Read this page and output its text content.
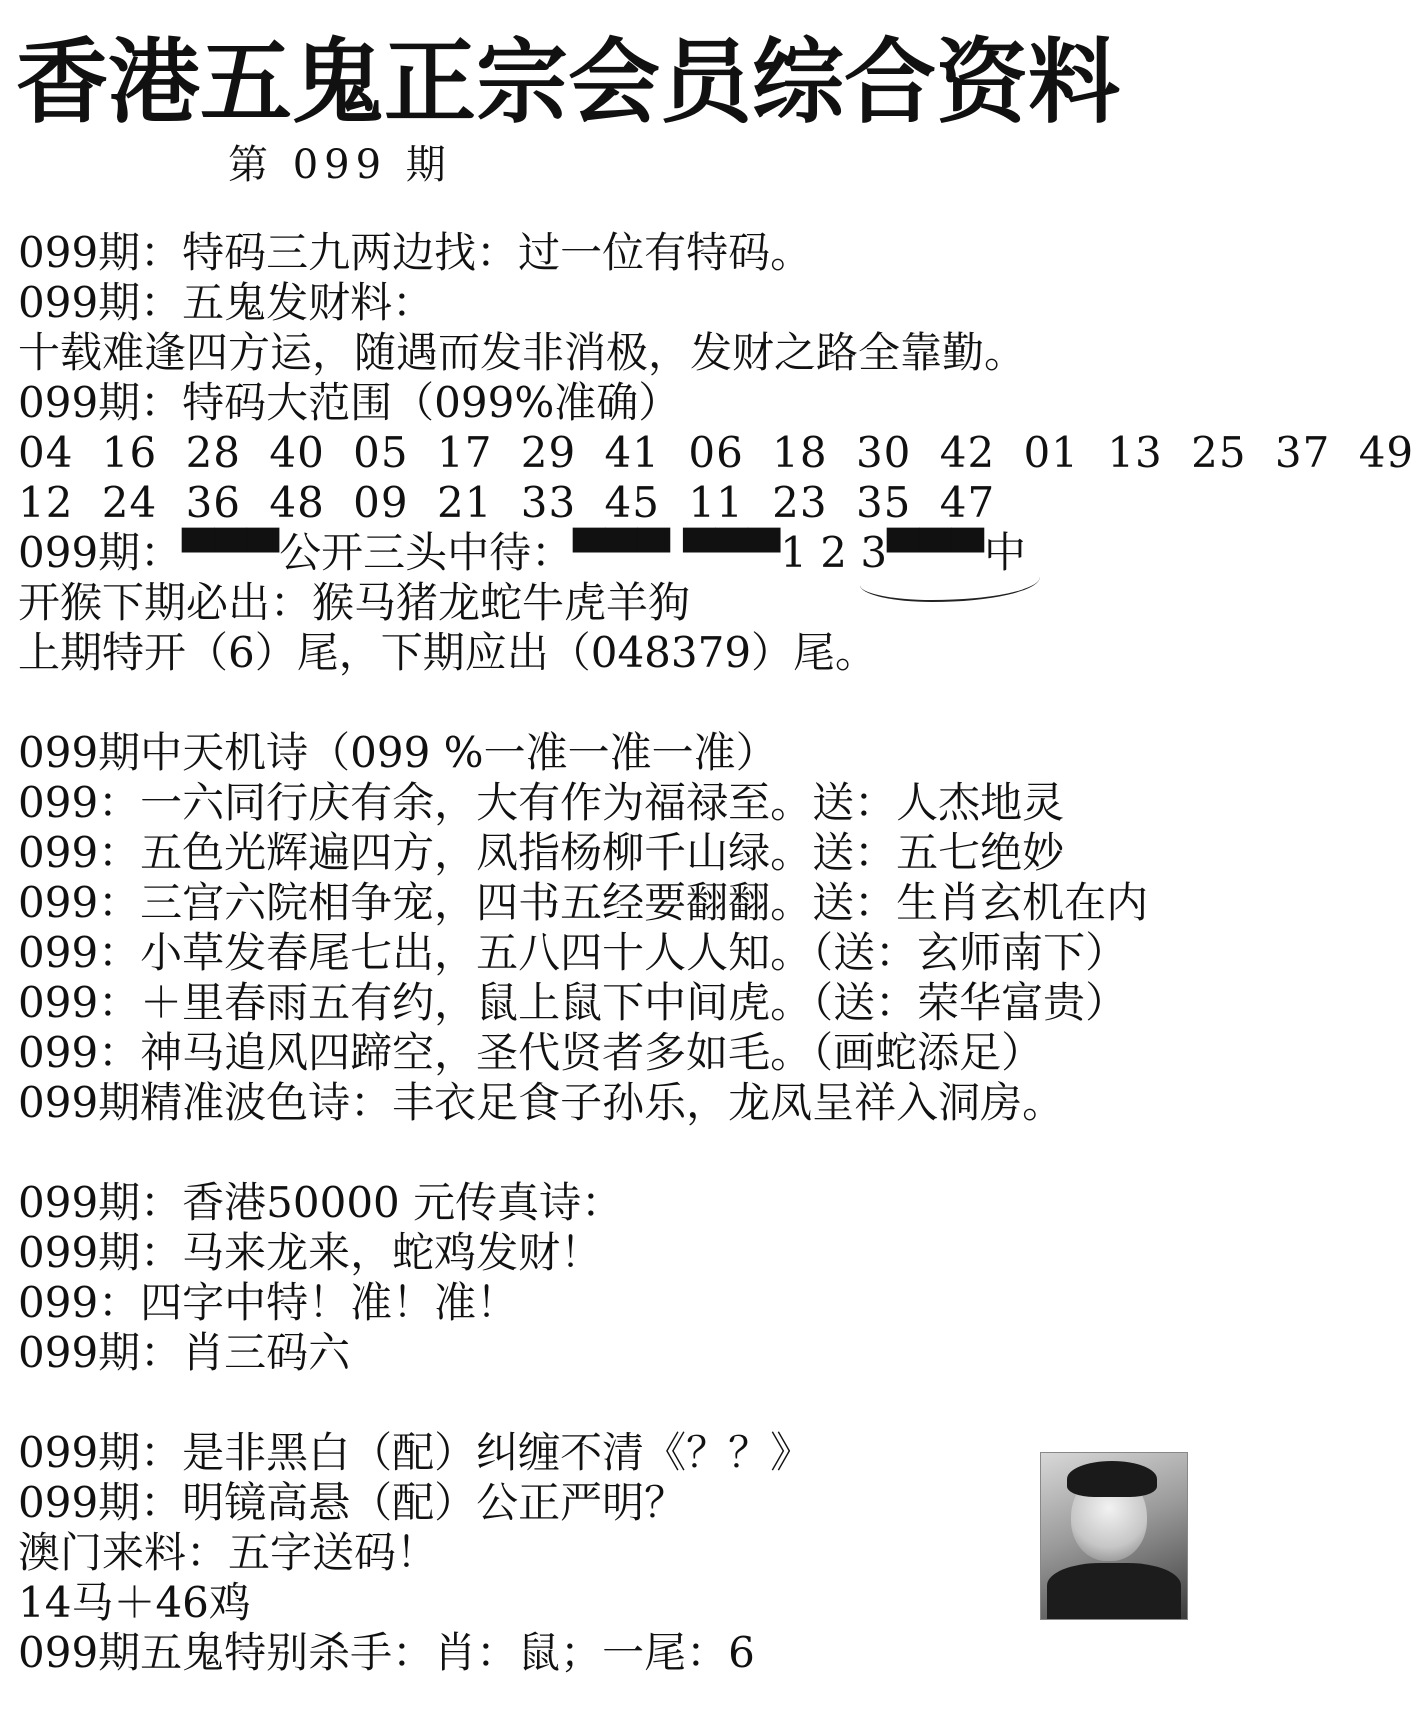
香港五鬼正宗会员综合资料
第 099 期
099期：特码三九两边找：过一位有特码。
099期：五鬼发财料：
十载难逢四方运，随遇而发非消极，发财之路全靠勤。
099期：特码大范围（099%准确）
04 16 28 40 05 17 29 41 06 18 30 42 01 13 25 37 49
12 24 36 48 09 21 33 45 11 23 35 47
099期：▀▀▀公开三头中待：▀▀▀ ▀▀▀1 2 3▀▀▀中
开猴下期必出：猴马猪龙蛇牛虎羊狗
上期特开（6）尾，下期应出（048379）尾。
099期中天机诗（099 %一准一准一准）
099：一六同行庆有余，大有作为福禄至。送：人杰地灵
099：五色光辉遍四方，凤指杨柳千山绿。送：五七绝妙
099：三宫六院相争宠，四书五经要翻翻。送：生肖玄机在内
099：小草发春尾七出，五八四十人人知。（送：玄师南下）
099：＋里春雨五有约，鼠上鼠下中间虎。（送：荣华富贵）
099：神马追风四蹄空，圣代贤者多如毛。（画蛇添足）
099期精准波色诗：丰衣足食子孙乐，龙凤呈祥入洞房。
099期：香港50000 元传真诗：
099期：马来龙来，蛇鸡发财！
099：四字中特！准！准！
099期：肖三码六
099期：是非黑白（配）纠缠不清《？？》
099期：明镜高悬（配）公正严明？
澳门来料：五字送码！
14马＋46鸡
099期五鬼特别杀手：肖：鼠；一尾：6
